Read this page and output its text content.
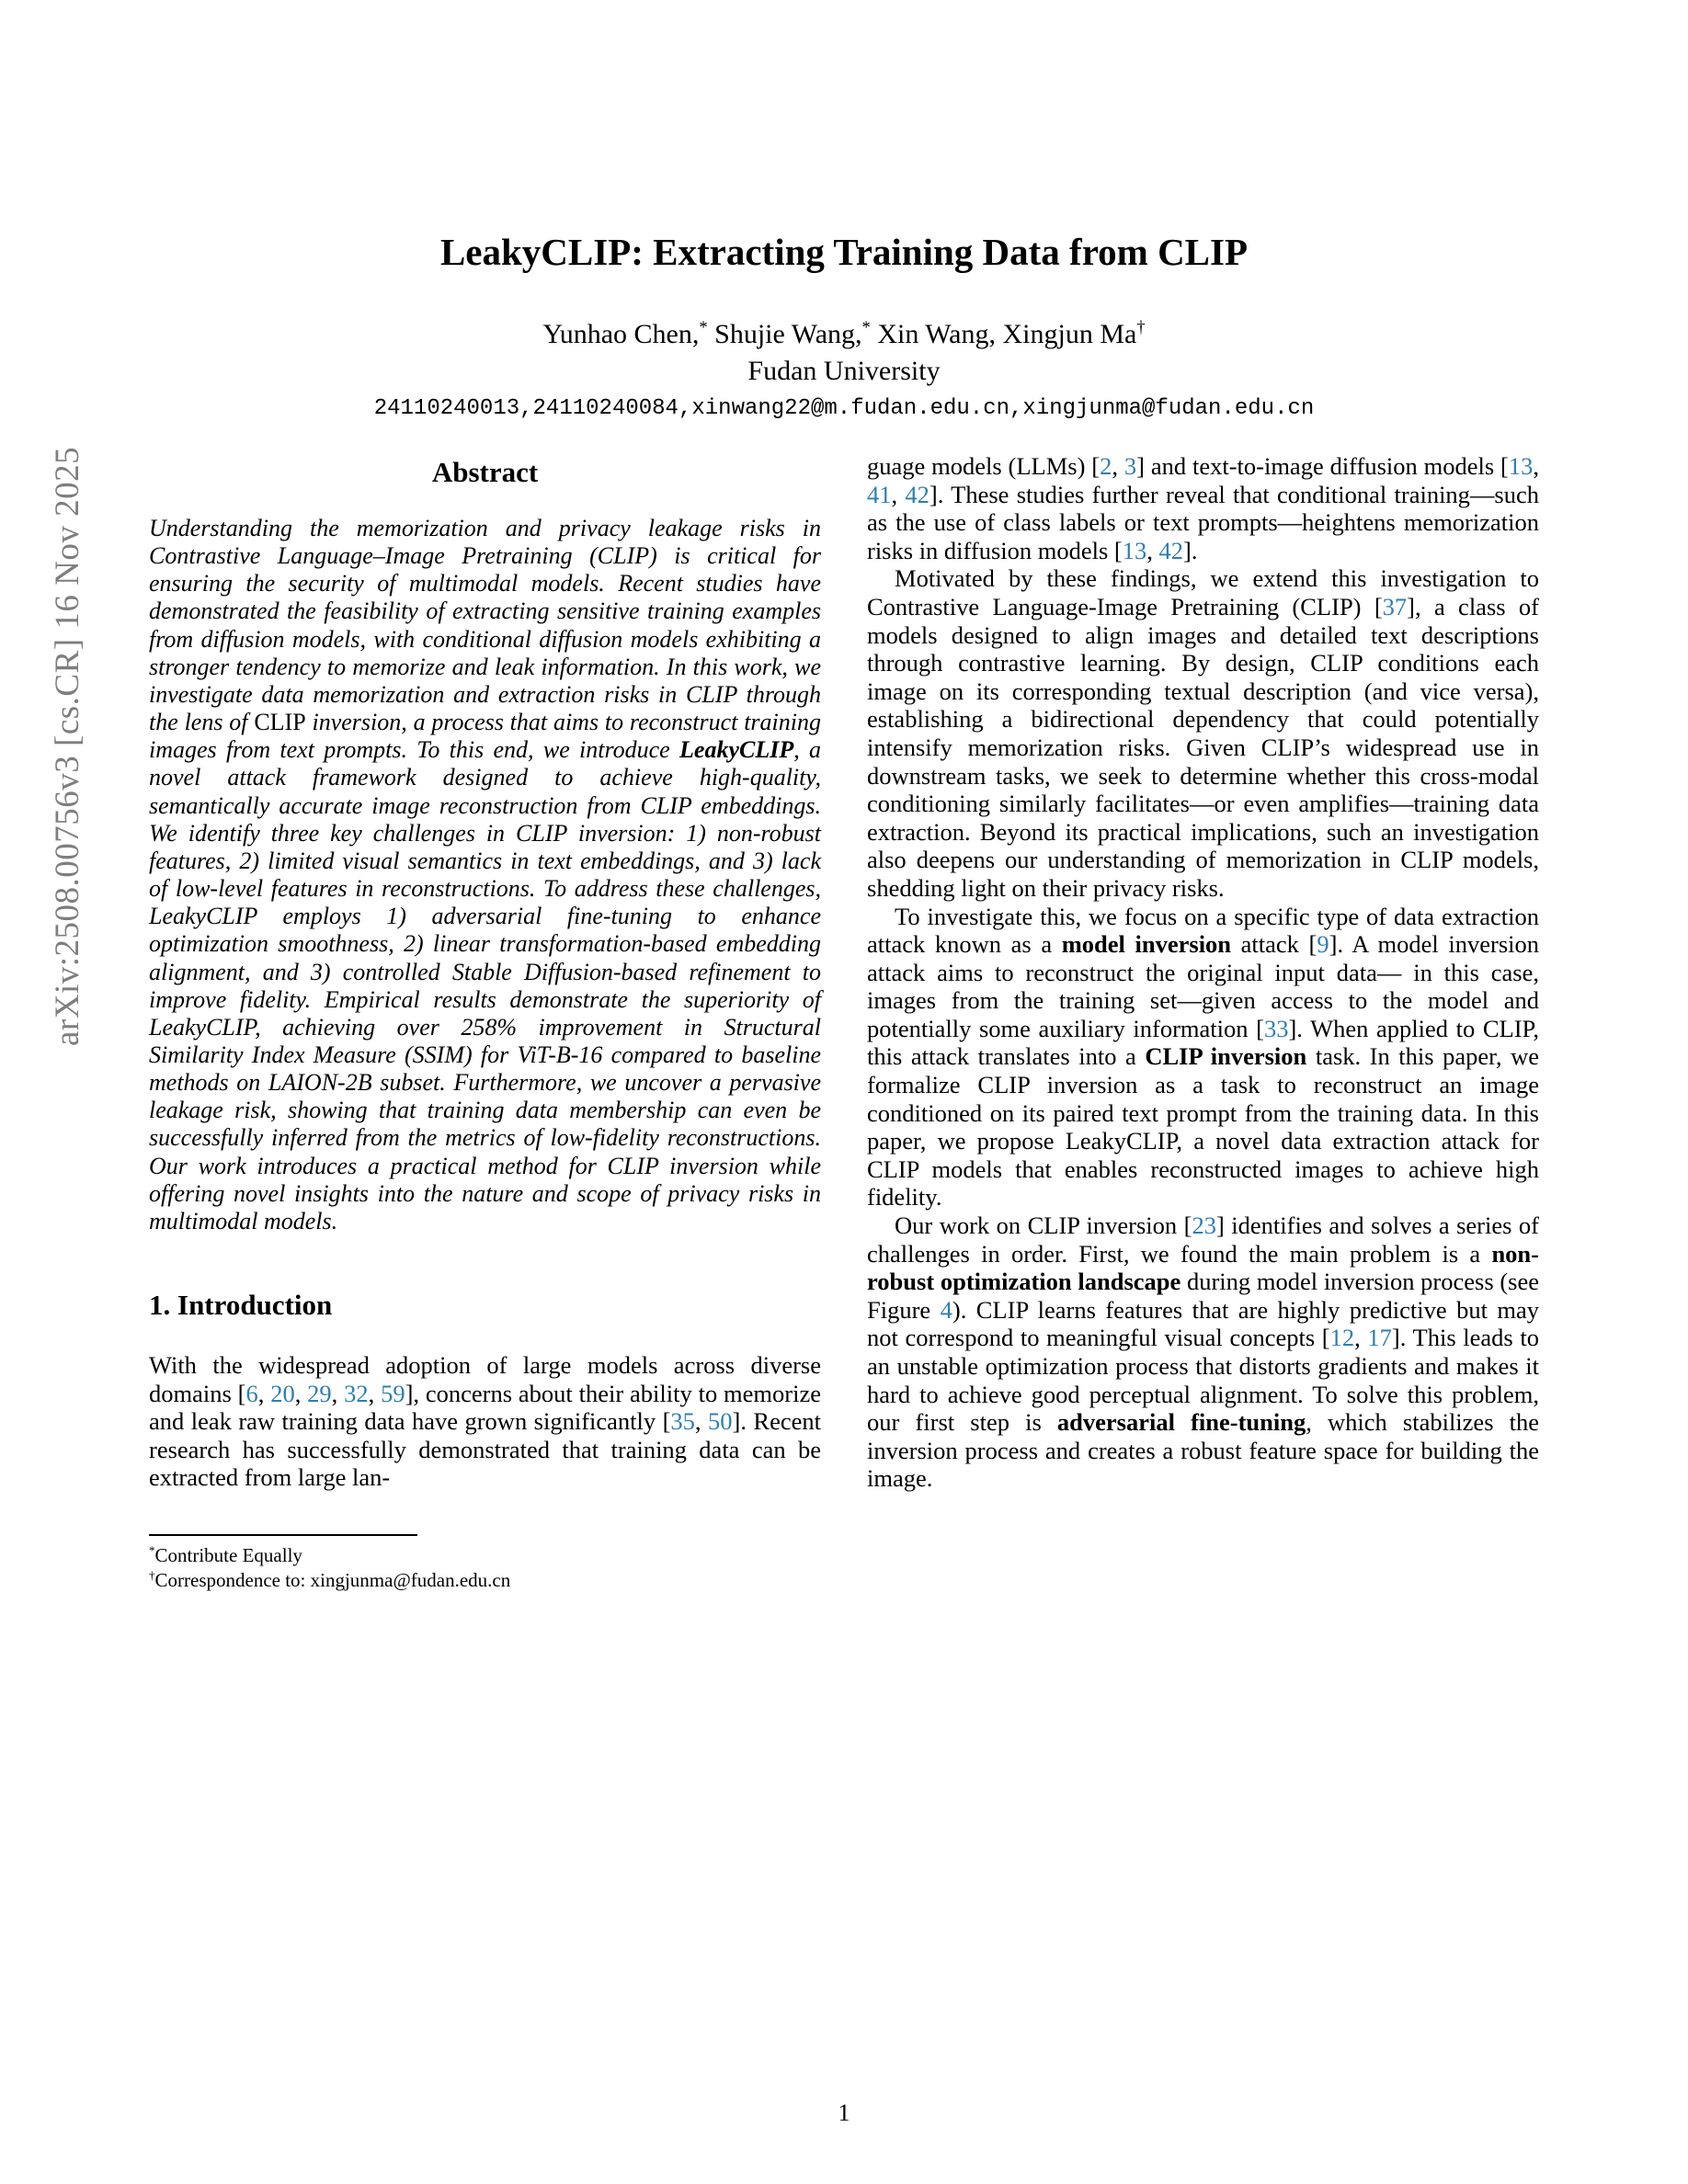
arXiv:2508.00756v3 [cs.CR] 16 Nov 2025
LeakyCLIP: Extracting Training Data from CLIP
Yunhao Chen,* Shujie Wang,* Xin Wang, Xingjun Ma†
Fudan University
24110240013,24110240084,xinwang22@m.fudan.edu.cn,xingjunma@fudan.edu.cn
Abstract

Understanding the memorization and privacy leakage risks in Contrastive Language–Image Pretraining (CLIP) is critical for ensuring the security of multimodal models. Recent studies have demonstrated the feasibility of extracting sensitive training examples from diffusion models, with conditional diffusion models exhibiting a stronger tendency to memorize and leak information. In this work, we investigate data memorization and extraction risks in CLIP through the lens of CLIP inversion, a process that aims to reconstruct training images from text prompts. To this end, we introduce LeakyCLIP, a novel attack framework designed to achieve high-quality, semantically accurate image reconstruction from CLIP embeddings. We identify three key challenges in CLIP inversion: 1) non-robust features, 2) limited visual semantics in text embeddings, and 3) lack of low-level features in reconstructions. To address these challenges, LeakyCLIP employs 1) adversarial fine-tuning to enhance optimization smoothness, 2) linear transformation-based embedding alignment, and 3) controlled Stable Diffusion-based refinement to improve fidelity. Empirical results demonstrate the superiority of LeakyCLIP, achieving over 258% improvement in Structural Similarity Index Measure (SSIM) for ViT-B-16 compared to baseline methods on LAION-2B subset. Furthermore, we uncover a pervasive leakage risk, showing that training data membership can even be successfully inferred from the metrics of low-fidelity reconstructions. Our work introduces a practical method for CLIP inversion while offering novel insights into the nature and scope of privacy risks in multimodal models.

1. Introduction

With the widespread adoption of large models across diverse domains [6, 20, 29, 32, 59], concerns about their ability to memorize and leak raw training data have grown significantly [35, 50]. Recent research has successfully demonstrated that training data can be extracted from large lan-

*Contribute Equally
†Correspondence to: xingjunma@fudan.edu.cn

guage models (LLMs) [2, 3] and text-to-image diffusion models [13, 41, 42]. These studies further reveal that conditional training—such as the use of class labels or text prompts—heightens memorization risks in diffusion models [13, 42].

Motivated by these findings, we extend this investigation to Contrastive Language-Image Pretraining (CLIP) [37], a class of models designed to align images and detailed text descriptions through contrastive learning. By design, CLIP conditions each image on its corresponding textual description (and vice versa), establishing a bidirectional dependency that could potentially intensify memorization risks. Given CLIP’s widespread use in downstream tasks, we seek to determine whether this cross-modal conditioning similarly facilitates—or even amplifies—training data extraction. Beyond its practical implications, such an investigation also deepens our understanding of memorization in CLIP models, shedding light on their privacy risks.

To investigate this, we focus on a specific type of data extraction attack known as a model inversion attack [9]. A model inversion attack aims to reconstruct the original input data— in this case, images from the training set—given access to the model and potentially some auxiliary information [33]. When applied to CLIP, this attack translates into a CLIP inversion task. In this paper, we formalize CLIP inversion as a task to reconstruct an image conditioned on its paired text prompt from the training data. In this paper, we propose LeakyCLIP, a novel data extraction attack for CLIP models that enables reconstructed images to achieve high fidelity.

Our work on CLIP inversion [23] identifies and solves a series of challenges in order. First, we found the main problem is a non-robust optimization landscape during model inversion process (see Figure 4). CLIP learns features that are highly predictive but may not correspond to meaningful visual concepts [12, 17]. This leads to an unstable optimization process that distorts gradients and makes it hard to achieve good perceptual alignment. To solve this problem, our first step is adversarial fine-tuning, which stabilizes the inversion process and creates a robust feature space for building the image.

1
